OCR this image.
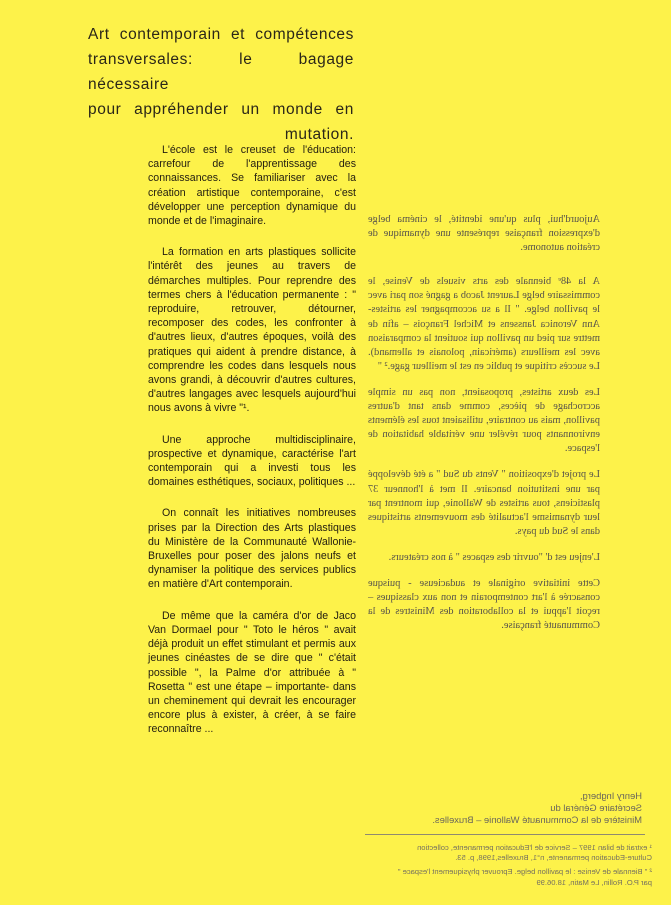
Art contemporain et compétences
transversales: le bagage nécessaire
pour appréhender un monde en
mutation.

L'école est le creuset de l'éducation: carrefour de l'apprentissage des connaissances. Se familiariser avec la création artistique contemporaine, c'est développer une perception dynamique du monde et de l'imaginaire.

La formation en arts plastiques sollicite l'intérêt des jeunes au travers de démarches multiples. Pour reprendre des termes chers à l'éducation permanente : " reproduire, retrouver, détourner, recomposer des codes, les confronter à d'autres lieux, d'autres époques, voilà des pratiques qui aident à prendre distance, à comprendre les codes dans lesquels nous avons grandi, à découvrir d'autres cultures, d'autres langages avec lesquels aujourd'hui nous avons à vivre "¹.

Une approche multidisciplinaire, prospective et dynamique, caractérise l'art contemporain qui a investi tous les domaines esthétiques, sociaux, politiques ...

On connaît les initiatives nombreuses prises par la Direction des Arts plastiques du Ministère de la Communauté Wallonie-Bruxelles pour poser des jalons neufs et dynamiser la politique des services publics en matière d'Art contemporain.

De même que la caméra d'or de Jaco Van Dormael pour " Toto le héros " avait déjà produit un effet stimulant et permis aux jeunes cinéastes de se dire que " c'était possible ", la Palme d'or attribuée à " Rosetta " est une étape – importante- dans un cheminement qui devrait les encourager encore plus à exister, à créer, à se faire reconnaître ...

Aujourd'hui, plus qu'une identité, le cinéma belge d'expression française représente une dynamique de création autonome.

A la 48ᵉ biennale des arts visuels de Venise, le commissaire belge Laurent Jacob a gagné son pari avec le pavillon belge. " Il a su accompagner les artistes- Ann Veronica Janssens et Michel François – afin de mettre sur pied un pavillon qui soutient la comparaison avec les meilleurs (américain, polonais et allemand). Le succès critique et public en est le meilleur gage.² "

Les deux artistes, proposaient, non pas un simple accrochage de pièces, comme dans tant d'autres pavillon, mais au contraire, utilisaient tous les éléments environnants pour révéler une véritable habitation de l'espace.

Le projet d'exposition " Vents du Sud " a été développé par une institution bancaire. Il met à l'honneur 37 plasticiens, tous artistes de Wallonie, qui montrent par leur dynamisme l'actualité des mouvements artistiques dans le Sud du pays.

L'enjeu est d' "ouvrir des espaces " à nos créateurs.

Cette initiative originale et audacieuse - puisque consacrée à l'art contemporain et non aux classiques – reçoit l'appui et la collaboration des Ministres de la Communauté française.

Henry Ingberg,
Secrétaire Général du
Ministère de la Communauté Wallonie – Bruxelles.

¹ extrait de bilan 1997 – Service de l'Education permanente, collection Culture-Education permanente, n°1, Bruxelles,1998, p. 53.

² " Biennale de Venise : le pavillon belge. Eprouver physiquement l'espace " par P.O. Rollin, Le Matin, 18.06.99
